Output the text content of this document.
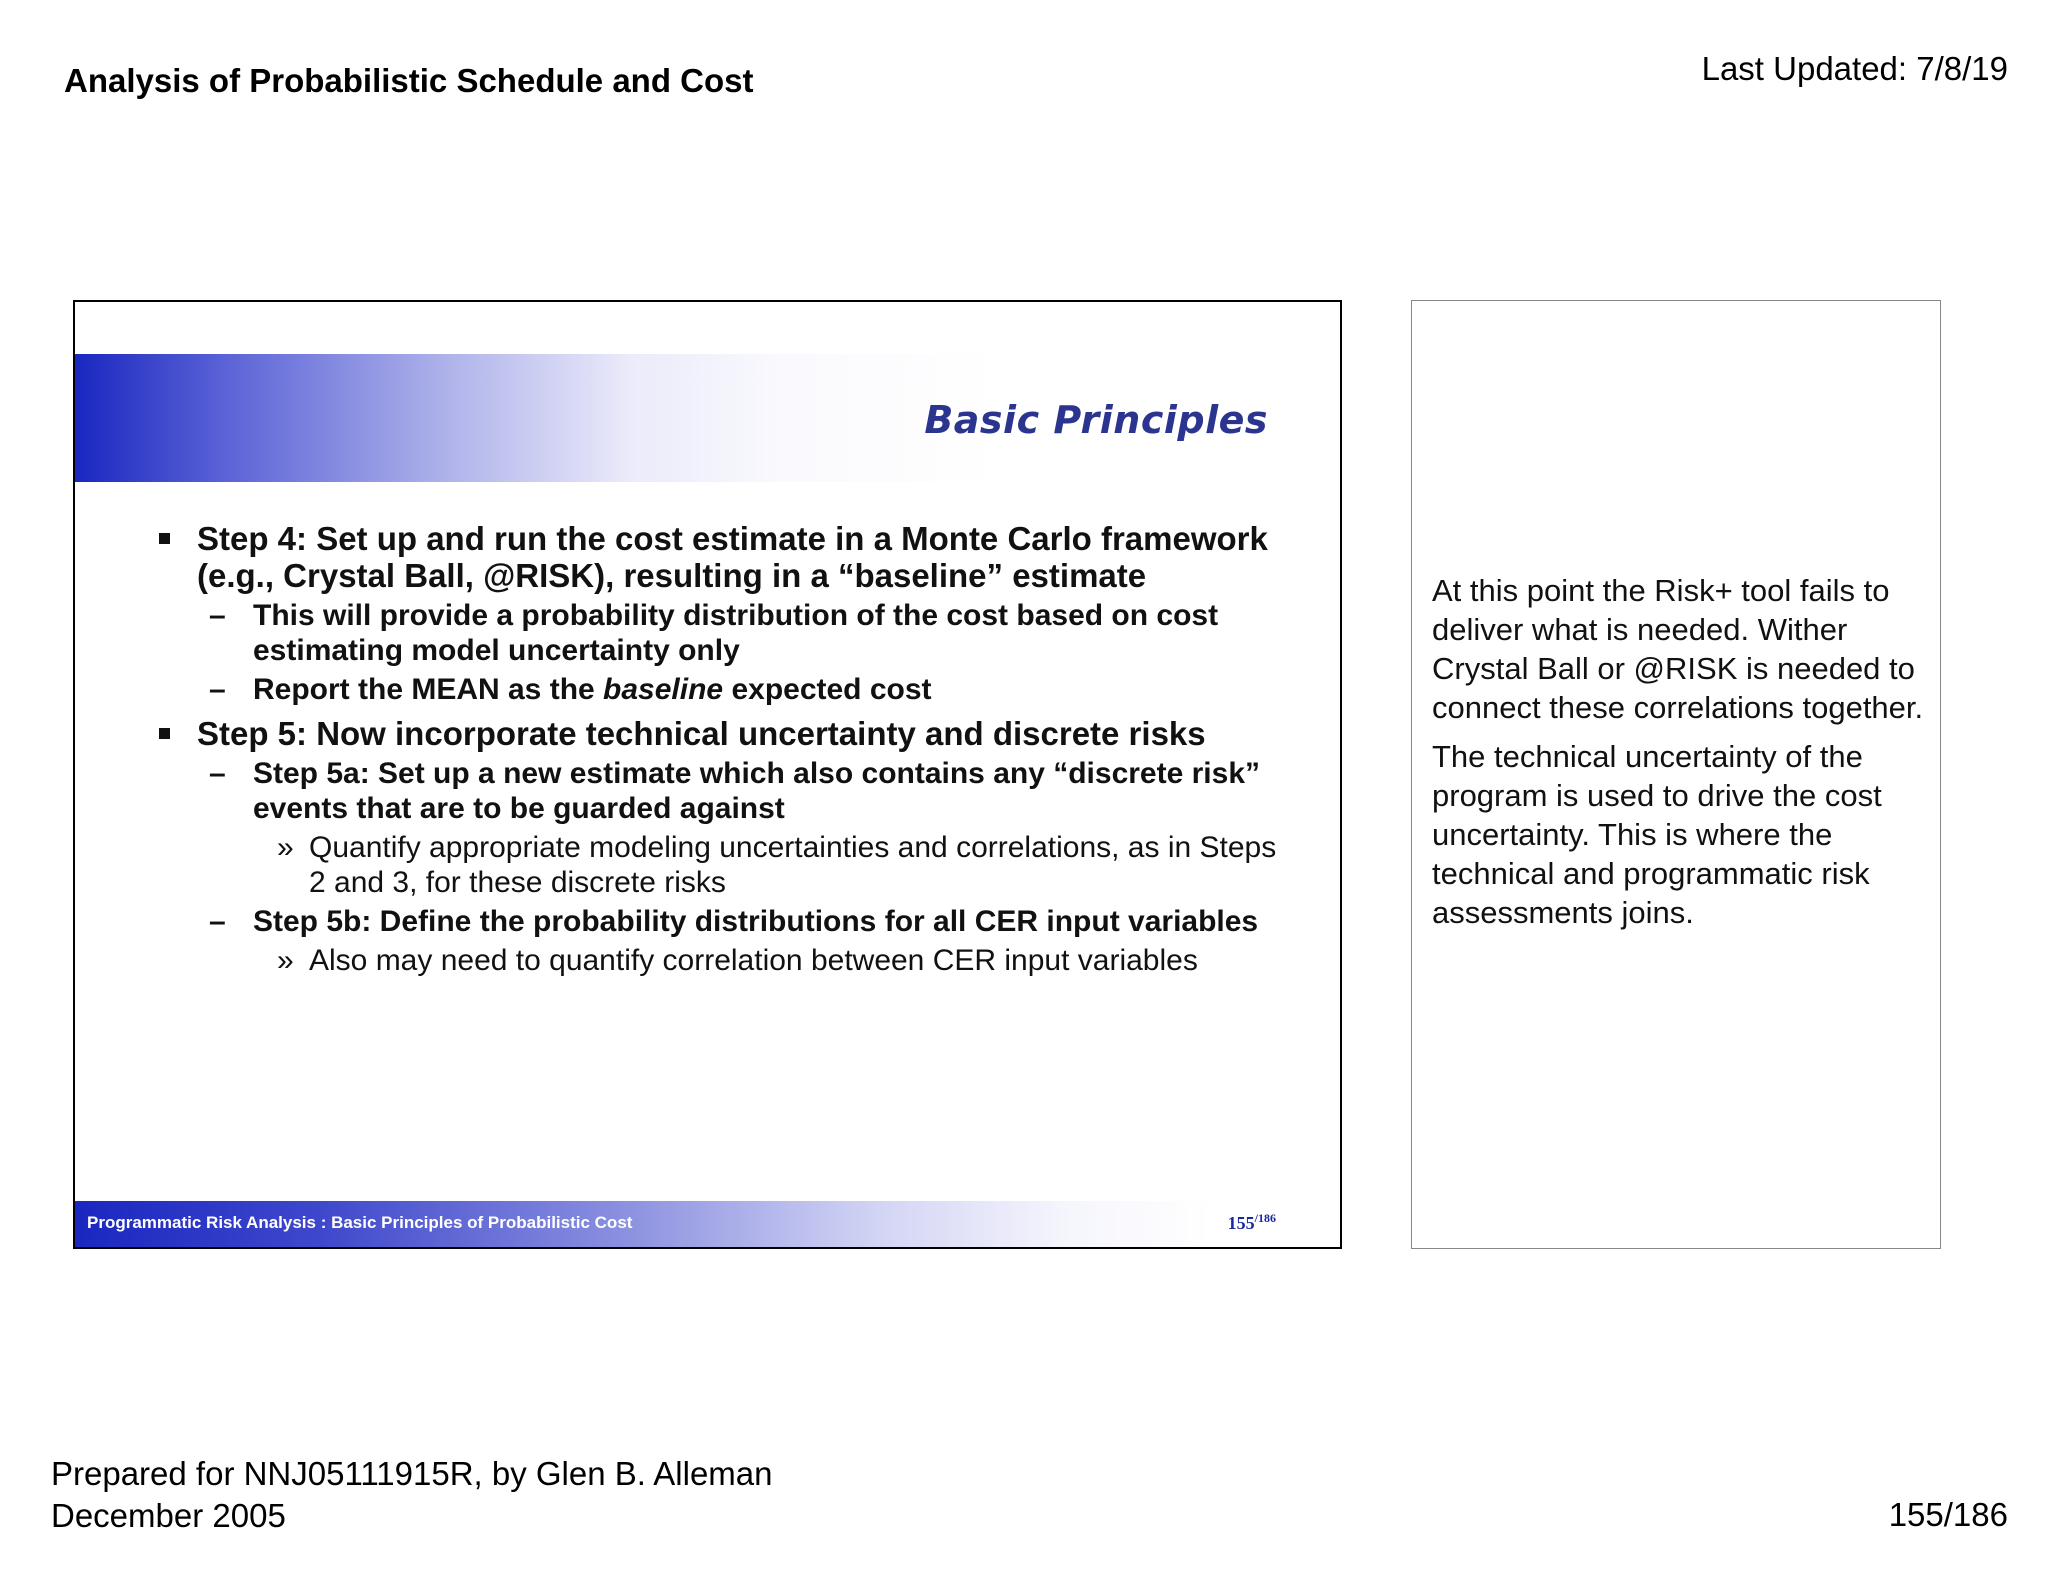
Analysis of Probabilistic Schedule and Cost	Last Updated: 7/8/19
Basic Principles
Step 4: Set up and run the cost estimate in a Monte Carlo framework (e.g., Crystal Ball, @RISK), resulting in a “baseline” estimate
– This will provide a probability distribution of the cost based on cost estimating model uncertainty only
– Report the MEAN as the baseline expected cost
Step 5: Now incorporate technical uncertainty and discrete risks
– Step 5a: Set up a new estimate which also contains any “discrete risk” events that are to be guarded against
» Quantify appropriate modeling uncertainties and correlations, as in Steps 2 and 3, for these discrete risks
– Step 5b: Define the probability distributions for all CER input variables
» Also may need to quantify correlation between CER input variables
Programmatic Risk Analysis : Basic Principles of Probabilistic Cost	$155^{/186}$

At this point the Risk+ tool fails to deliver what is needed. Wither Crystal Ball or @RISK is needed to connect these correlations together.

The technical uncertainty of the program is used to drive the cost uncertainty. This is where the technical and programmatic risk assessments joins.

Prepared for NNJ05111915R, by Glen B. Alleman
December 2005	155/186
